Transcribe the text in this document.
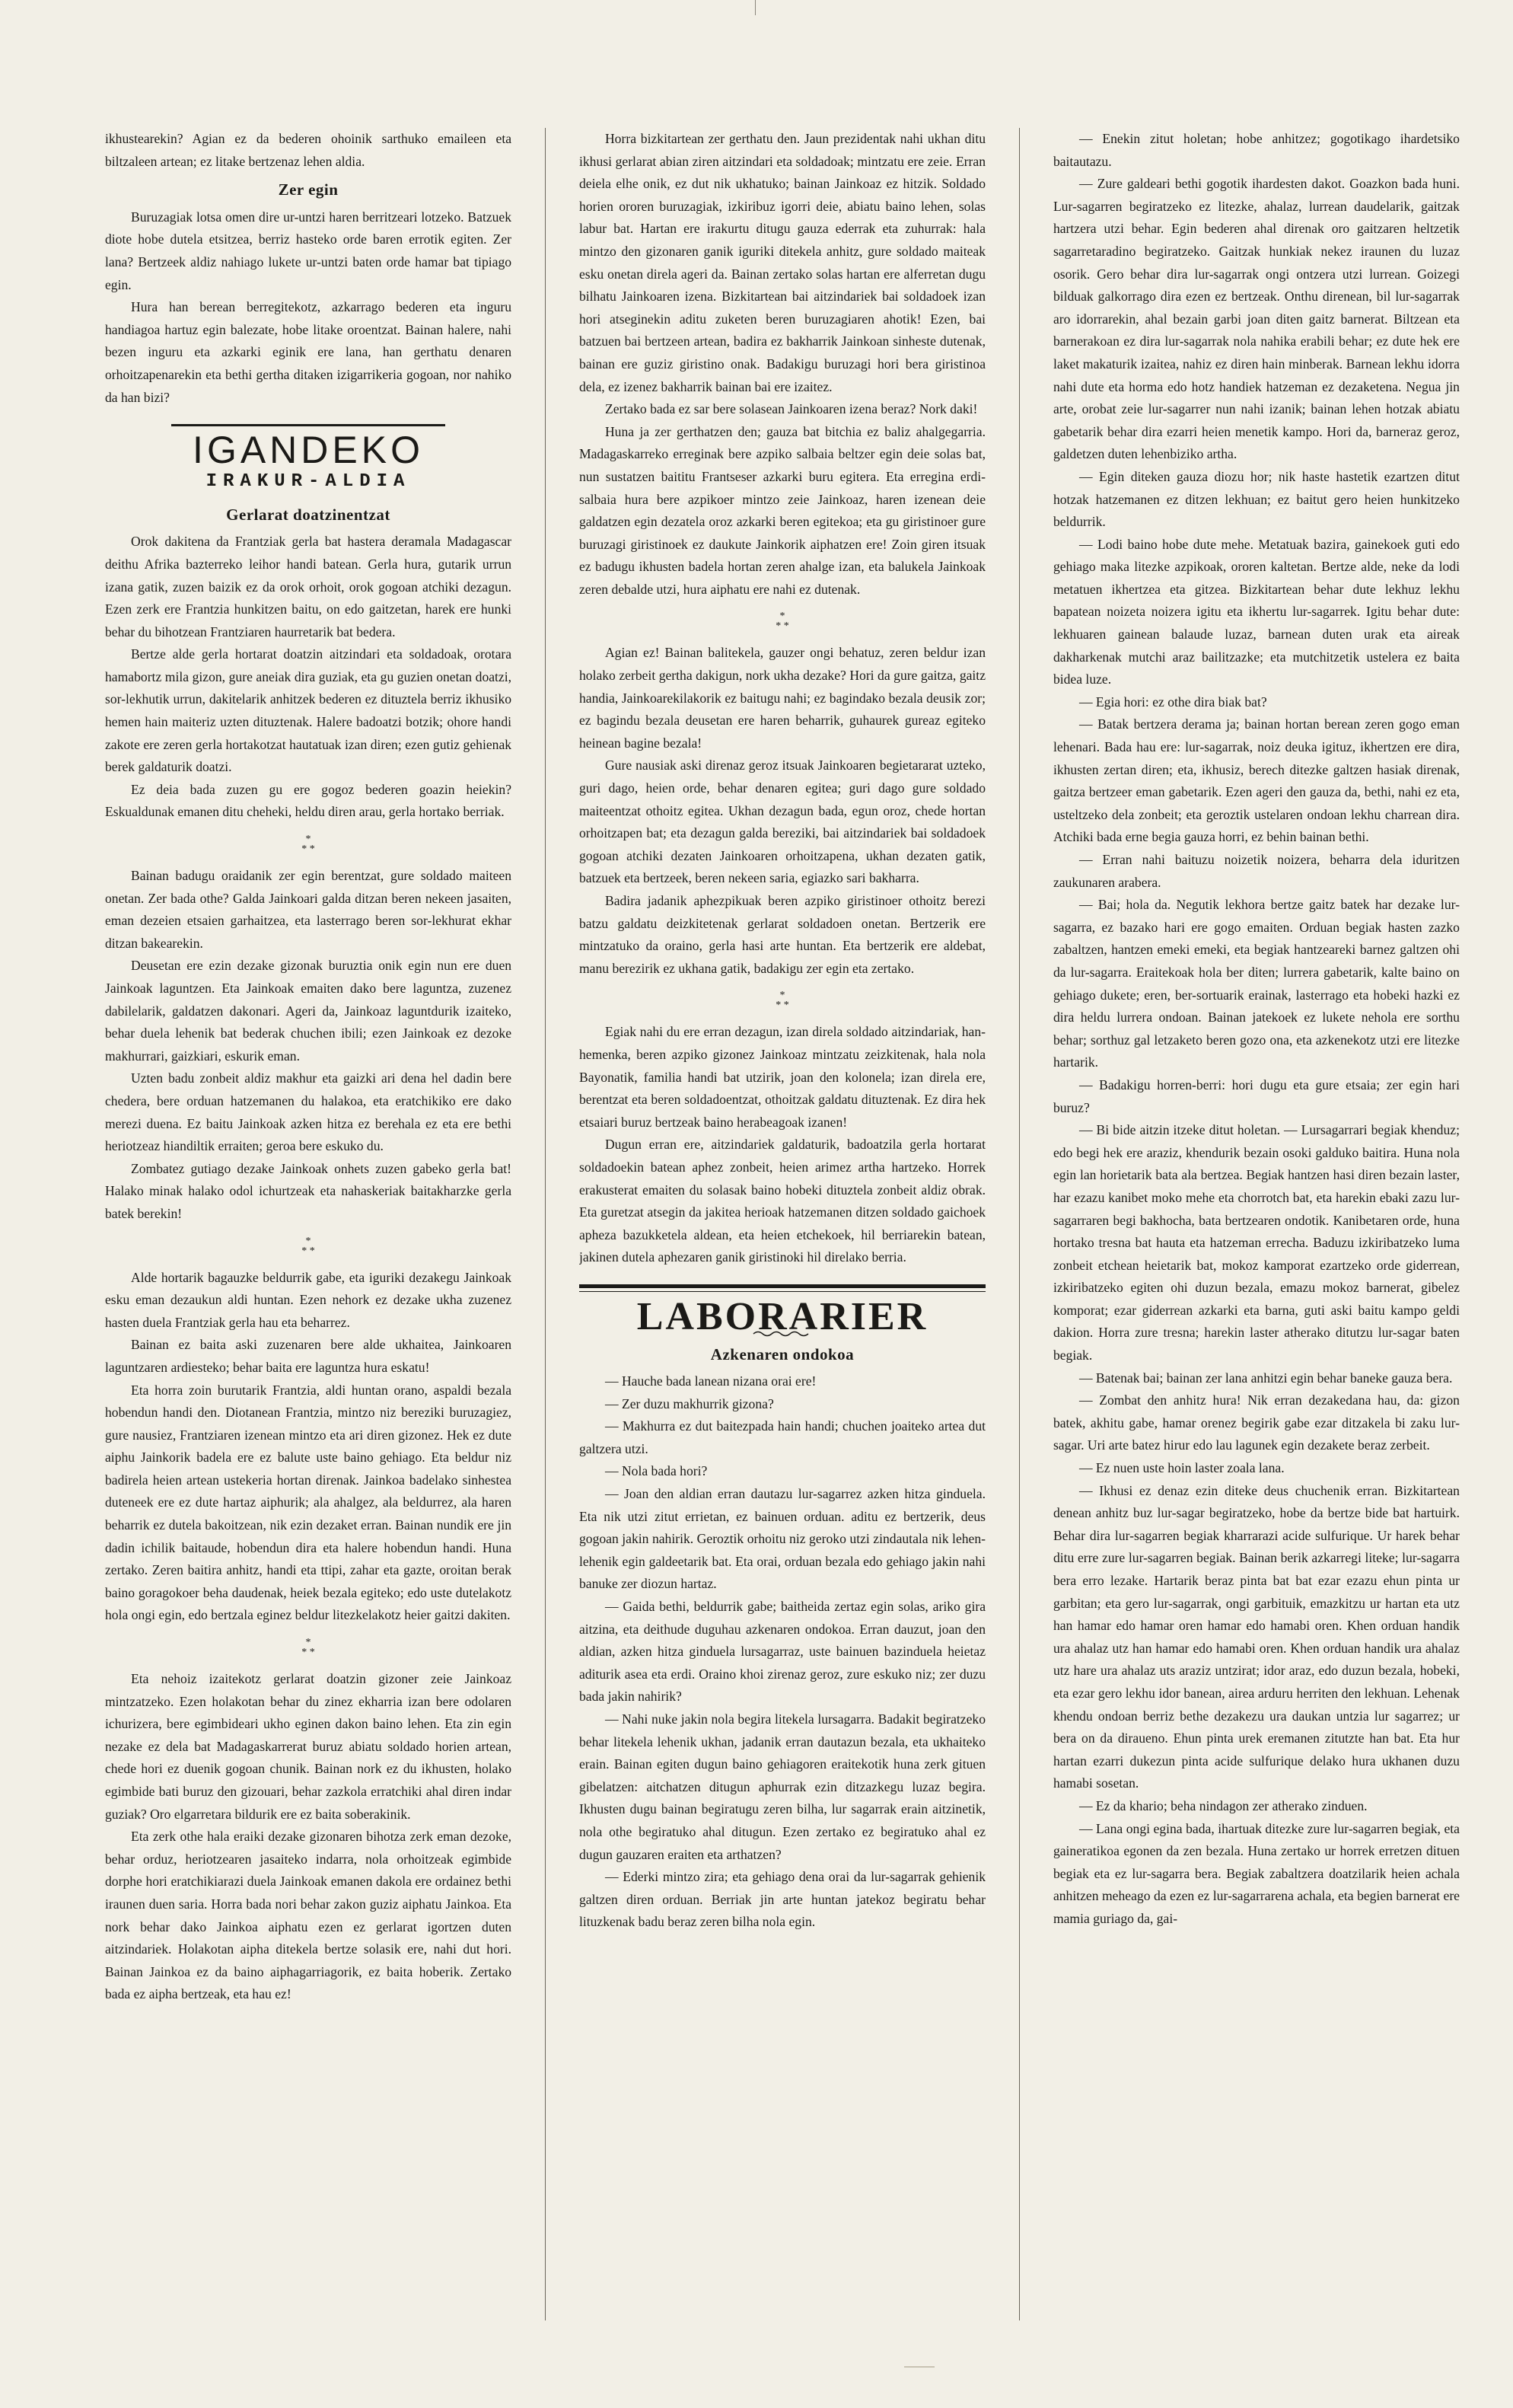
ikhustearekin? Agian ez da bederen ohoinik sarthuko emaileen eta biltzaleen artean; ez litake bertzenaz lehen aldia.

Zer egin

Buruzagiak lotsa omen dire ur-untzi haren berritzeari lotzeko. Batzuek diote hobe dutela etsitzea, berriz hasteko orde baren errotik egiten. Zer lana? Bertzeek aldiz nahiago lukete ur-untzi baten orde hamar bat tipiago egin.

Hura han berean berregitekotz, azkarrago bederen eta inguru handiagoa hartuz egin balezate, hobe litake oroentzat. Bainan halere, nahi bezen inguru eta azkarki eginik ere lana, han gerthatu denaren orhoitzapenarekin eta bethi gertha ditaken izigarrikeria gogoan, nor nahiko da han bizi?

IGANDEKO
IRAKUR-ALDIA
Gerlarat doatzinentzat

Orok dakitena da Frantziak gerla bat hastera deramala Madagascar deithu Afrika bazterreko leihor handi batean. Gerla hura, gutarik urrun izana gatik, zuzen baizik ez da orok orhoit, orok gogoan atchiki dezagun. Ezen zerk ere Frantzia hunkitzen baitu, on edo gaitzetan, harek ere hunki behar du bihotzean Frantziaren haurretarik bat bedera.

Bertze alde gerla hortarat doatzin aitzindari eta soldadoak, orotara hamabortz mila gizon, gure aneiak dira guziak, eta gu guzien onetan doatzi, sor-lekhutik urrun, dakitelarik anhitzek bederen ez dituztela berriz ikhusiko hemen hain maiteriz uzten dituztenak. Halere badoatzi botzik; ohore handi zakote ere zeren gerla hortakotzat hautatuak izan diren; ezen gutiz gehienak berek galdaturik doatzi.

Ez deia bada zuzen gu ere gogoz bederen goazin heiekin? Eskualdunak emanen ditu cheheki, heldu diren arau, gerla hortako berriak.

*
* *

Bainan badugu oraidanik zer egin berentzat, gure soldado maiteen onetan. Zer bada othe? Galda Jainkoari galda ditzan beren nekeen jasaiten, eman dezeien etsaien garhaitzea, eta lasterrago beren sor-lekhurat ekhar ditzan bakearekin.

Deusetan ere ezin dezake gizonak buruztia onik egin nun ere duen Jainkoak laguntzen. Eta Jainkoak emaiten dako bere laguntza, zuzenez dabilelarik, galdatzen dakonari. Ageri da, Jainkoaz laguntdurik izaiteko, behar duela lehenik bat bederak chuchen ibili; ezen Jainkoak ez dezoke makhurrari, gaizkiari, eskurik eman.

Uzten badu zonbeit aldiz makhur eta gaizki ari dena hel dadin bere chedera, bere orduan hatzemanen du halakoa, eta eratchikiko ere dako merezi duena. Ez baitu Jainkoak azken hitza ez berehala ez eta ere bethi heriotzeaz hiandiltik erraiten; geroa bere eskuko du.

Zombatez gutiago dezake Jainkoak onhets zuzen gabeko gerla bat! Halako minak halako odol ichurtzeak eta nahaskeriak baitakharzke gerla batek berekin!

*
* *

Alde hortarik bagauzke beldurrik gabe, eta iguriki dezakegu Jainkoak esku eman dezaukun aldi huntan. Ezen nehork ez dezake ukha zuzenez hasten duela Frantziak gerla hau eta beharrez.

Bainan ez baita aski zuzenaren bere alde ukhaitea, Jainkoaren laguntzaren ardiesteko; behar baita ere laguntza hura eskatu!

Eta horra zoin burutarik Frantzia, aldi huntan orano, aspaldi bezala hobendun handi den. Diotanean Frantzia, mintzo niz bereziki buruzagiez, gure nausiez, Frantziaren izenean mintzo eta ari diren gizonez. Hek ez dute aiphu Jainkorik badela ere ez balute uste baino gehiago. Eta beldur niz badirela heien artean ustekeria hortan direnak. Jainkoa badelako sinhestea duteneek ere ez dute hartaz aiphurik; ala ahalgez, ala beldurrez, ala haren beharrik ez dutela bakoitzean, nik ezin dezaket erran. Bainan nundik ere jin dadin ichilik baitaude, hobendun dira eta halere hobendun handi. Huna zertako. Zeren baitira anhitz, handi eta ttipi, zahar eta gazte, oroitan berak baino goragokoer beha daudenak, heiek bezala egiteko; edo uste dutelakotz hola ongi egin, edo bertzala eginez beldur litezkelakotz heier gaitzi dakiten.

*
* *

Eta nehoiz izaitekotz gerlarat doatzin gizoner zeie Jainkoaz mintzatzeko. Ezen holakotan behar du zinez ekharria izan bere odolaren ichurizera, bere egimbideari ukho eginen dakon baino lehen. Eta zin egin nezake ez dela bat Madagaskarrerat buruz abiatu soldado horien artean, chede hori ez duenik gogoan chunik. Bainan nork ez du ikhusten, holako egimbide bati buruz den gizouari, behar zazkola erratchiki ahal diren indar guziak? Oro elgarretara bildurik ere ez baita soberakinik.

Eta zerk othe hala eraiki dezake gizonaren bihotza zerk eman dezoke, behar orduz, heriotzearen jasaiteko indarra, nola orhoitzeak egimbide dorphe hori eratchikiarazi duela Jainkoak emanen dakola ere ordainez bethi iraunen duen saria. Horra bada nori behar zakon guziz aiphatu Jainkoa. Eta nork behar dako Jainkoa aiphatu ezen ez gerlarat igortzen duten aitzindariek. Holakotan aipha ditekela bertze solasik ere, nahi dut hori. Bainan Jainkoa ez da baino aiphagarriagorik, ez baita hoberik. Zertako bada ez aipha bertzeak, eta hau ez!

Horra bizkitartean zer gerthatu den. Jaun prezidentak nahi ukhan ditu ikhusi gerlarat abian ziren aitzindari eta soldadoak; mintzatu ere zeie. Erran deiela elhe onik, ez dut nik ukhatuko; bainan Jainkoaz ez hitzik. Soldado horien ororen buruzagiak, izkiribuz igorri deie, abiatu baino lehen, solas labur bat. Hartan ere irakurtu ditugu gauza ederrak eta zuhurrak: hala mintzo den gizonaren ganik iguriki ditekela anhitz, gure soldado maiteak esku onetan direla ageri da. Bainan zertako solas hartan ere alferretan dugu bilhatu Jainkoaren izena. Bizkitartean bai aitzindariek bai soldadoek izan hori atseginekin aditu zuketen beren buruzagiaren ahotik! Ezen, bai batzuen bai bertzeen artean, badira ez bakharrik Jainkoan sinheste dutenak, bainan ere guziz giristino onak. Badakigu buruzagi hori bera giristinoa dela, ez izenez bakharrik bainan bai ere izaitez.

Zertako bada ez sar bere solasean Jainkoaren izena beraz? Nork daki!

Huna ja zer gerthatzen den; gauza bat bitchia ez baliz ahalgegarria. Madagaskarreko erreginak bere azpiko salbaia beltzer egin deie solas bat, nun sustatzen baititu Frantseser azkarki buru egitera. Eta erregina erdi-salbaia hura bere azpikoer mintzo zeie Jainkoaz, haren izenean deie galdatzen egin dezatela oroz azkarki beren egitekoa; eta gu giristinoer gure buruzagi giristinoek ez daukute Jainkorik aiphatzen ere! Zoin giren itsuak ez badugu ikhusten badela hortan zeren ahalge izan, eta balukela Jainkoak zeren debalde utzi, hura aiphatu ere nahi ez dutenak.

*
* *

Agian ez! Bainan balitekela, gauzer ongi behatuz, zeren beldur izan holako zerbeit gertha dakigun, nork ukha dezake? Hori da gure gaitza, gaitz handia, Jainkoarekilakorik ez baitugu nahi; ez bagindako bezala deusik zor; ez bagindu bezala deusetan ere haren beharrik, guhaurek gureaz egiteko heinean bagine bezala!

Gure nausiak aski direnaz geroz itsuak Jainkoaren begietararat uzteko, guri dago, heien orde, behar denaren egitea; guri dago gure soldado maiteentzat othoitz egitea. Ukhan dezagun bada, egun oroz, chede hortan orhoitzapen bat; eta dezagun galda bereziki, bai aitzindariek bai soldadoek gogoan atchiki dezaten Jainkoaren orhoitzapena, ukhan dezaten gatik, batzuek eta bertzeek, beren nekeen saria, egiazko sari bakharra.

Badira jadanik aphezpikuak beren azpiko giristinoer othoitz berezi batzu galdatu deizkitetenak gerlarat soldadoen onetan. Bertzerik ere mintzatuko da oraino, gerla hasi arte huntan. Eta bertzerik ere aldebat, manu berezirik ez ukhana gatik, badakigu zer egin eta zertako.

*
* *

Egiak nahi du ere erran dezagun, izan direla soldado aitzindariak, han-hemenka, beren azpiko gizonez Jainkoaz mintzatu zeizkitenak, hala nola Bayonatik, familia handi bat utzirik, joan den kolonela; izan direla ere, berentzat eta beren soldadoentzat, othoitzak galdatu dituztenak. Ez dira hek etsaiari buruz bertzeak baino herabeagoak izanen!

Dugun erran ere, aitzindariek galdaturik, badoatzila gerla hortarat soldadoekin batean aphez zonbeit, heien arimez artha hartzeko. Horrek erakusterat emaiten du solasak baino hobeki dituztela zonbeit aldiz obrak. Eta guretzat atsegin da jakitea herioak hatzemanen ditzen soldado gaichoek apheza bazukketela aldean, eta heien etchekoek, hil berriarekin batean, jakinen dutela aphezaren ganik giristinoki hil direlako berria.

LABORARIER
Azkenaren ondokoa

— Hauche bada lanean nizana orai ere!

— Zer duzu makhurrik gizona?

— Makhurra ez dut baitezpada hain handi; chuchen joaiteko artea dut galtzera utzi.

— Nola bada hori?

— Joan den aldian erran dautazu lur-sagarrez azken hitza ginduela. Eta nik utzi zitut errietan, ez bainuen orduan. aditu ez bertzerik, deus gogoan jakin nahirik. Geroztik orhoitu niz geroko utzi zindautala nik lehen-lehenik egin galdeetarik bat. Eta orai, orduan bezala edo gehiago jakin nahi banuke zer diozun hartaz.

— Gaida bethi, beldurrik gabe; baitheida zertaz egin solas, ariko gira aitzina, eta deithude duguhau azkenaren ondokoa. Erran dauzut, joan den aldian, azken hitza ginduela lursagarraz, uste bainuen bazinduela heietaz aditurik asea eta erdi. Oraino khoi zirenaz geroz, zure eskuko niz; zer duzu bada jakin nahirik?

— Nahi nuke jakin nola begira litekela lursagarra. Badakit begiratzeko behar litekela lehenik ukhan, jadanik erran dautazun bezala, eta ukhaiteko erain. Bainan egiten dugun baino gehiagoren eraitekotik huna zerk gituen gibelatzen: aitchatzen ditugun aphurrak ezin ditzazkegu luzaz begira. Ikhusten dugu bainan begiratugu zeren bilha, lur sagarrak erain aitzinetik, nola othe begiratuko ahal ditugun. Ezen zertako ez begiratuko ahal ez dugun gauzaren eraiten eta arthatzen?

— Ederki mintzo zira; eta gehiago dena orai da lur-sagarrak gehienik galtzen diren orduan. Berriak jin arte huntan jatekoz begiratu behar lituzkenak badu beraz zeren bilha nola egin.

— Enekin zitut holetan; hobe anhitzez; gogotikago ihardetsiko baitautazu.

— Zure galdeari bethi gogotik ihardesten dakot. Goazkon bada huni. Lur-sagarren begiratzeko ez litezke, ahalaz, lurrean daudelarik, gaitzak hartzera utzi behar. Egin bederen ahal direnak oro gaitzaren heltzetik sagarretaradino begiratzeko. Gaitzak hunkiak nekez iraunen du luzaz osorik. Gero behar dira lur-sagarrak ongi ontzera utzi lurrean. Goizegi bilduak galkorrago dira ezen ez bertzeak. Onthu direnean, bil lur-sagarrak aro idorrarekin, ahal bezain garbi joan diten gaitz barnerat. Biltzean eta barnerakoan ez dira lur-sagarrak nola nahika erabili behar; ez dute hek ere laket makaturik izaitea, nahiz ez diren hain minberak. Barnean lekhu idorra nahi dute eta horma edo hotz handiek hatzeman ez dezaketena. Negua jin arte, orobat zeie lur-sagarrer nun nahi izanik; bainan lehen hotzak abiatu gabetarik behar dira ezarri heien menetik kampo. Hori da, barneraz geroz, galdetzen duten lehenbiziko artha.

— Egin diteken gauza diozu hor; nik haste hastetik ezartzen ditut hotzak hatzemanen ez ditzen lekhuan; ez baitut gero heien hunkitzeko beldurrik.

— Lodi baino hobe dute mehe. Metatuak bazira, gainekoek guti edo gehiago maka litezke azpikoak, ororen kaltetan. Bertze alde, neke da lodi metatuen ikhertzea eta gitzea. Bizkitartean behar dute lekhuz lekhu bapatean noizeta noizera igitu eta ikhertu lur-sagarrek. Igitu behar dute: lekhuaren gainean balaude luzaz, barnean duten urak eta aireak dakharkenak mutchi araz bailitzazke; eta mutchitzetik ustelera ez baita bidea luze.

— Egia hori: ez othe dira biak bat?

— Batak bertzera derama ja; bainan hortan berean zeren gogo eman lehenari. Bada hau ere: lur-sagarrak, noiz deuka igituz, ikhertzen ere dira, ikhusten zertan diren; eta, ikhusiz, berech ditezke galtzen hasiak direnak, gaitza bertzeer eman gabetarik. Ezen ageri den gauza da, bethi, nahi ez eta, usteltzeko dela zonbeit; eta geroztik ustelaren ondoan lekhu charrean dira. Atchiki bada erne begia gauza horri, ez behin bainan bethi.

— Erran nahi baituzu noizetik noizera, beharra dela iduritzen zaukunaren arabera.

— Bai; hola da. Negutik lekhora bertze gaitz batek har dezake lur-sagarra, ez bazako hari ere gogo emaiten. Orduan begiak hasten zazko zabaltzen, hantzen emeki emeki, eta begiak hantzeareki barnez galtzen ohi da lur-sagarra. Eraitekoak hola ber diten; lurrera gabetarik, kalte baino on gehiago dukete; eren, ber-sortuarik erainak, lasterrago eta hobeki hazki ez dira heldu lurrera ondoan. Bainan jatekoek ez lukete nehola ere sorthu behar; sorthuz gal letzaketo beren gozo ona, eta azkenekotz utzi ere litezke hartarik.

— Badakigu horren-berri: hori dugu eta gure etsaia; zer egin hari buruz?

— Bi bide aitzin itzeke ditut holetan. — Lursagarrari begiak khenduz; edo begi hek ere araziz, khendurik bezain osoki galduko baitira. Huna nola egin lan horietarik bata ala bertzea. Begiak hantzen hasi diren bezain laster, har ezazu kanibet moko mehe eta chorrotch bat, eta harekin ebaki zazu lur-sagarraren begi bakhocha, bata bertzearen ondotik. Kanibetaren orde, huna hortako tresna bat hauta eta hatzeman errecha. Baduzu izkiribatzeko luma zonbeit etchean heietarik bat, mokoz kamporat ezartzeko orde giderrean, izkiribatzeko egiten ohi duzun bezala, emazu mokoz barnerat, gibelez komporat; ezar giderrean azkarki eta barna, guti aski baitu kampo geldi dakion. Horra zure tresna; harekin laster atherako ditutzu lur-sagar baten begiak.

— Batenak bai; bainan zer lana anhitzi egin behar baneke gauza bera.

— Zombat den anhitz hura! Nik erran dezakedana hau, da: gizon batek, akhitu gabe, hamar orenez begirik gabe ezar ditzakela bi zaku lur-sagar. Uri arte batez hirur edo lau lagunek egin dezakete beraz zerbeit.

— Ez nuen uste hoin laster zoala lana.

— Ikhusi ez denaz ezin diteke deus chuchenik erran. Bizkitartean denean anhitz buz lur-sagar begiratzeko, hobe da bertze bide bat hartuirk. Behar dira lur-sagarren begiak kharrarazi acide sulfurique. Ur harek behar ditu erre zure lur-sagarren begiak. Bainan berik azkarregi litеke; lur-sagarra bera erro lezake. Hartarik beraz pinta bat bat ezar ezazu ehun pinta ur garbitan; eta gero lur-sagarrak, ongi garbituik, emazkitzu ur hartan eta utz han hamar edo hamar oren hamar edo hamabi oren. Khen orduan handik ura ahalaz utz han hamar edo hamabi oren. Khen orduan handik ura ahalaz utz hare ura ahalaz uts araziz untzirat; idor araz, edo duzun bezala, hobeki, eta ezar gero lekhu idor banean, airea arduru herriten den lekhuan. Lehenak khendu ondoan berriz bethe dezakezu ura daukan untzia lur sagarrez; ur bera on da diraueno. Ehun pinta urek eremanen zitutzte han bat. Eta hur hartan ezarri dukezun pinta acide sulfurique delako hura ukhanen duzu hamabi sosetan.

— Ez da khario; beha nindagon zer atherako zinduen.

— Lana ongi egina bada, ihartuak ditezke zure lur-sagarren begiak, eta gaineratikoa egonen da zen bezala. Huna zertako ur horrek erretzen dituen begiak eta ez lur-sagarra bera. Begiak zabaltzera doatzilarik heien achala anhitzen meheago da ezen ez lur-sagarrarena achala, eta begien barnerat ere mamia guriago da, gai-
